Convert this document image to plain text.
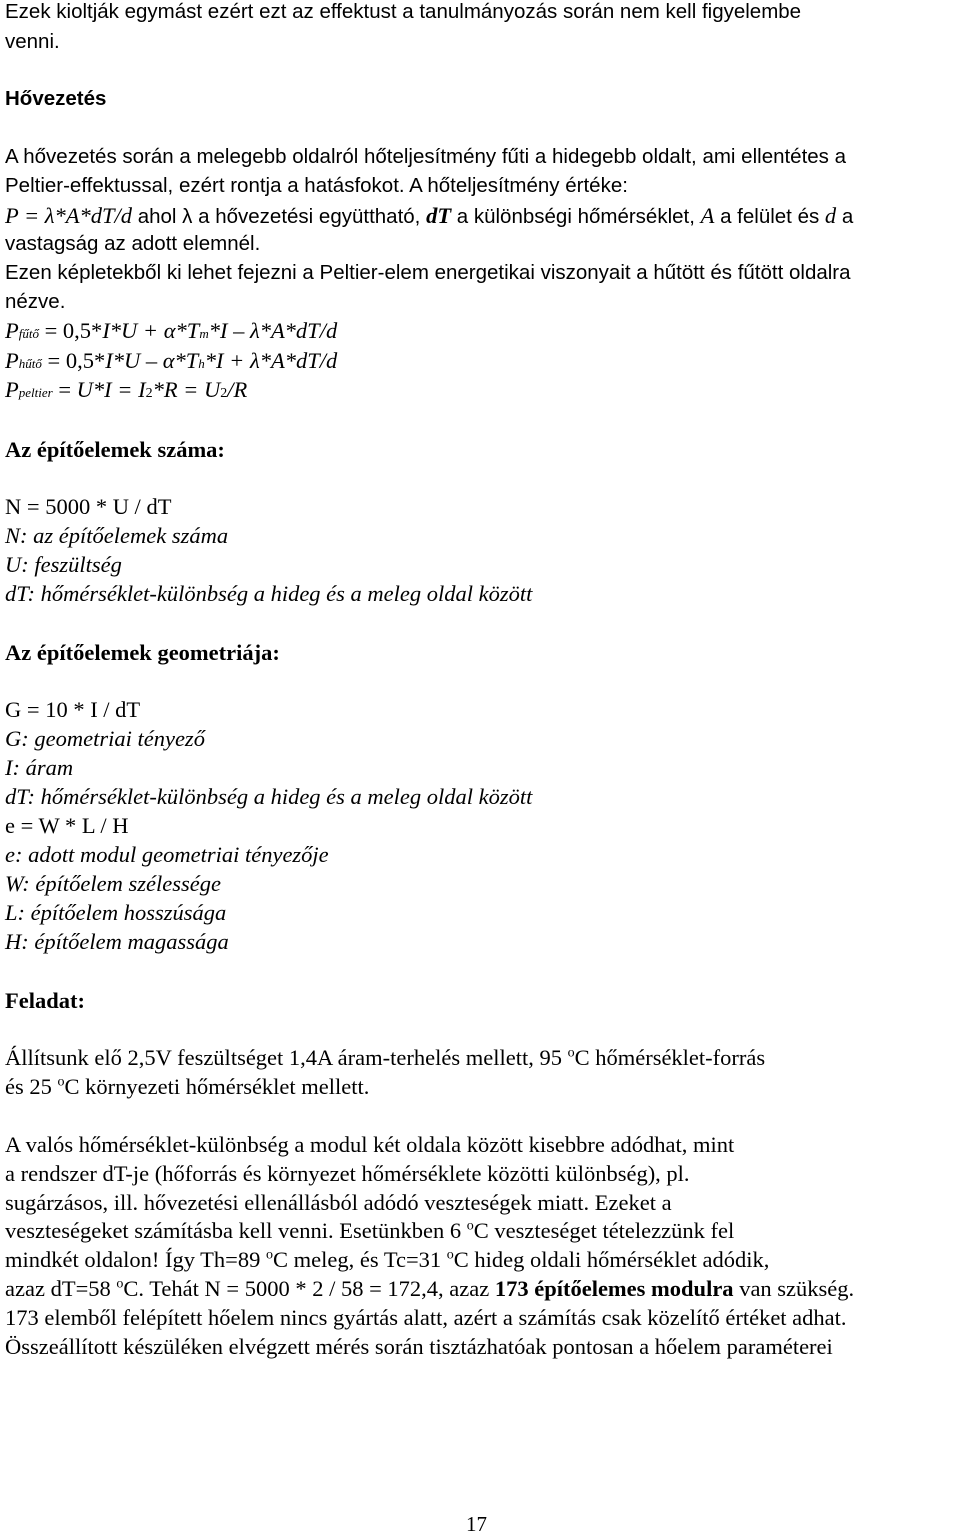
Ezek kioltják egymást ezért ezt az effektust a tanulmányozás során nem kell figyelembe
venni.
Hővezetés
A hővezetés során a melegebb oldalról hőteljesítmény fűti a hidegebb oldalt, ami ellentétes a
Peltier-effektussal, ezért rontja a hatásfokot. A hőteljesítmény értéke:
P = λ*A*dT/d ahol λ a hővezetési együttható, dT a különbségi hőmérséklet, A a felület és d a
vastagság az adott elemnél.
Ezen képletekből ki lehet fejezni a Peltier-elem energetikai viszonyait a hűtött és fűtött oldalra
nézve.
Pfűtő = 0,5*I*U + α*Tm*I – λ*A*dT/d
Phűtő = 0,5*I*U – α*Th*I + λ*A*dT/d
Ppeltier = U*I = I2*R = U2/R
Az építőelemek száma:
N = 5000 * U / dT
N: az építőelemek száma
U: feszültség
dT: hőmérséklet-különbség a hideg és a meleg oldal között
Az építőelemek geometriája:
G = 10 * I / dT
G: geometriai tényező
I: áram
dT: hőmérséklet-különbség a hideg és a meleg oldal között
e = W * L / H
e: adott modul geometriai tényezője
W: építőelem szélessége
L: építőelem hosszúsága
H: építőelem magassága
Feladat:
Állítsunk elő 2,5V feszültséget 1,4A áram-terhelés mellett, 95 $^o$C hőmérséklet-forrás
és 25 $^o$C környezeti hőmérséklet mellett.
A valós hőmérséklet-különbség a modul két oldala között kisebbre adódhat, mint
a rendszer dT-je (hőforrás és környezet hőmérséklete közötti különbség), pl.
sugárzásos, ill. hővezetési ellenállásból adódó veszteségek miatt. Ezeket a
veszteségeket számításba kell venni. Esetünkben 6 $^o$C veszteséget tételezzünk fel
mindkét oldalon! Így Th=89 $^o$C meleg, és Tc=31 $^o$C hideg oldali hőmérséklet adódik,
azaz dT=58 $^o$C. Tehát N = 5000 * 2 / 58 = 172,4, azaz 173 építőelemes modulra van szükség.
173 elemből felépített hőelem nincs gyártás alatt, azért a számítás csak közelítő értéket adhat.
Összeállított készüléken elvégzett mérés során tisztázhatóak pontosan a hőelem paraméterei
17
